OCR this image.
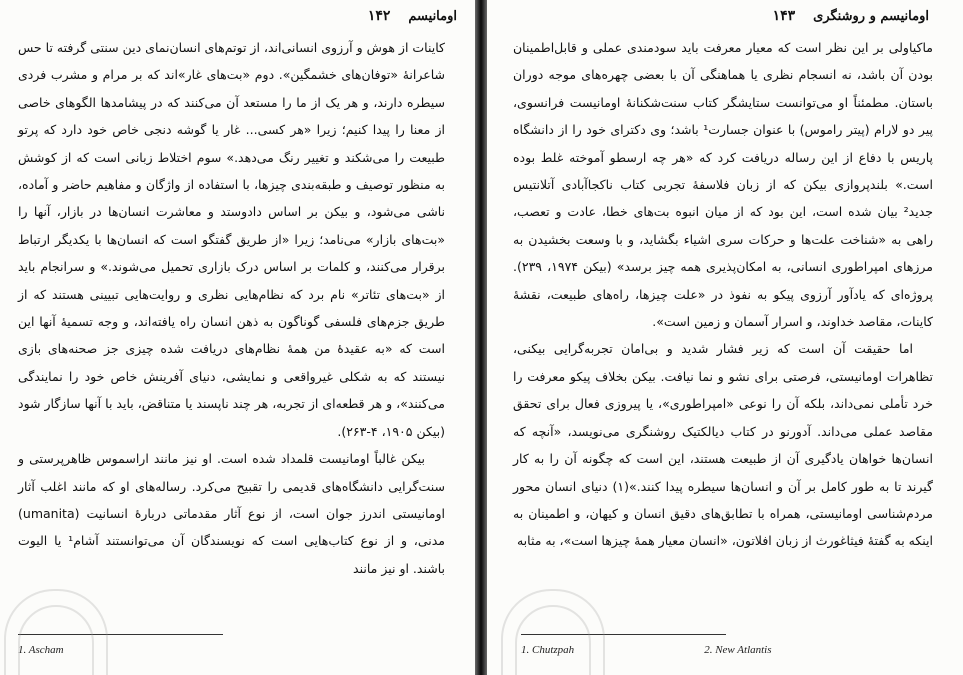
۱۴۲ اومانیسم

کاینات از هوش و آرزوی انسانی‌اند، از توتم‌های انسان‌نمای دین سنتی گرفته تا حس شاعرانهٔ «توفان‌های خشمگین». دوم «بت‌های غار»اند که بر مرام و مشرب فردی سیطره دارند، و هر یک از ما را مستعد آن می‌کنند که در پیشامدها الگوهای خاصی از معنا را پیدا کنیم؛ زیرا «هر کسی... غار یا گوشه دنجی خاص خود دارد که پرتو طبیعت را می‌شکند و تغییر رنگ می‌دهد.» سوم اختلاط زبانی است که از کوشش به منظور توصیف و طبقه‌بندی چیزها، با استفاده از واژگان و مفاهیم حاضر و آماده، ناشی می‌شود، و بیکن بر اساس دادوستد و معاشرت انسان‌ها در بازار، آنها را «بت‌های بازار» می‌نامد؛ زیرا «از طریق گفتگو است که انسان‌ها با یکدیگر ارتباط برقرار می‌کنند، و کلمات بر اساس درک بازاری تحمیل می‌شوند.» و سرانجام باید از «بت‌های تئاتر» نام برد که نظام‌هایی نظری و روایت‌هایی تبیینی هستند که از طریق جزم‌های فلسفی گوناگون به ذهن انسان راه یافته‌اند، و وجه تسمیهٔ آنها این است که «به عقیدهٔ من همهٔ نظام‌های دریافت شده چیزی جز صحنه‌های بازی نیستند که به شکلی غیرواقعی و نمایشی، دنیای آفرینش خاص خود را نمایندگی می‌کنند»، و هر قطعه‌ای از تجربه، هر چند ناپسند یا متناقض، باید با آنها سازگار شود (بیکن ۱۹۰۵، ۴-۲۶۳).

بیکن غالباً اومانیست قلمداد شده است. او نیز مانند اراسموس ظاهرپرستی و سنت‌گرایی دانشگاه‌های قدیمی را تقبیح می‌کرد. رساله‌های او که مانند اغلب آثار اومانیستی اندرز جوان است، از نوع آثار مقدماتی دربارهٔ انسانیت (umanita) مدنی، و از نوع کتاب‌هایی است که نویسندگان آن می‌توانستند آشام¹ یا الیوت باشند. او نیز مانند

1. Ascham
اومانیسم و روشنگری
۱۴۳

ماکیاولی بر این نظر است که معیار معرفت باید سودمندی عملی و قابل‌اطمینان بودن آن باشد، نه انسجام نظری یا هماهنگی آن با بعضی چهره‌های موجه دوران باستان. مطمئناً او می‌توانست ستایشگر کتاب سنت‌شکنانهٔ اومانیست فرانسوی، پیر دو لارام (پیتر راموس) با عنوان جسارت¹ باشد؛ وی دکترای خود را از دانشگاه پاریس با دفاع از این رساله دریافت کرد که «هر چه ارسطو آموخته غلط بوده است.» بلندپروازی بیکن که از زبان فلاسفهٔ تجربی کتاب ناکجاآبادی آتلانتیس جدید² بیان شده است، این بود که از میان انبوه بت‌های خطا، عادت و تعصب، راهی به «شناخت علت‌ها و حرکات سری اشیاء بگشاید، و با وسعت بخشیدن به مرزهای امپراطوری انسانی، به امکان‌پذیری همه چیز برسد» (بیکن ۱۹۷۴، ۲۳۹). پروژه‌ای که یادآور آرزوی پیکو به نفوذ در «علت چیزها، راه‌های طبیعت، نقشهٔ کاینات، مقاصد خداوند، و اسرار آسمان و زمین است».

اما حقیقت آن است که زیر فشار شدید و بی‌امان تجربه‌گرایی بیکنی، تظاهرات اومانیستی، فرصتی برای نشو و نما نیافت. بیکن بخلاف پیکو معرفت را خرد تأملی نمی‌داند، بلکه آن را نوعی «امپراطوری»، یا پیروزی فعال برای تحقق مقاصد عملی می‌داند. آدورنو در کتاب دیالکتیک روشنگری می‌نویسد، «آنچه که انسان‌ها خواهان یادگیری آن از طبیعت هستند، این است که چگونه آن را به کار گیرند تا به طور کامل بر آن و انسان‌ها سیطره پیدا کنند.»(۱) دنیای انسان محور مردم‌شناسی اومانیستی، همراه با تطابق‌های دقیق انسان و کیهان، و اطمینان به اینکه به گفتهٔ فیثاغورث از زبان افلاتون، «انسان معیار همهٔ چیزها است»، به مثابه

1. Chutzpah	2. New Atlantis
